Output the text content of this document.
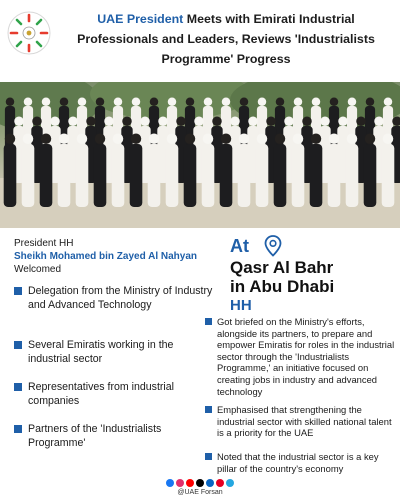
UAE President Meets with Emirati Industrial Professionals and Leaders, Reviews 'Industrialists Programme' Progress
President HH
Sheikh Mohamed bin Zayed Al Nahyan
Welcomed
Delegation from the Ministry of Industry and Advanced Technology
Several Emiratis working in the industrial sector
Representatives from industrial companies
Partners of the 'Industrialists Programme'
At
Qasr Al Bahr
in Abu Dhabi
HH
Got briefed on the Ministry's efforts, alongside its partners, to prepare and empower Emiratis for roles in the industrial sector through the 'Industrialists Programme,' an initiative focused on creating jobs in industry and advanced technology
Emphasised that strengthening the industrial sector with skilled national talent is a priority for the UAE
Noted that the industrial sector is a key pillar of the country's economy
@UAE Forsan
